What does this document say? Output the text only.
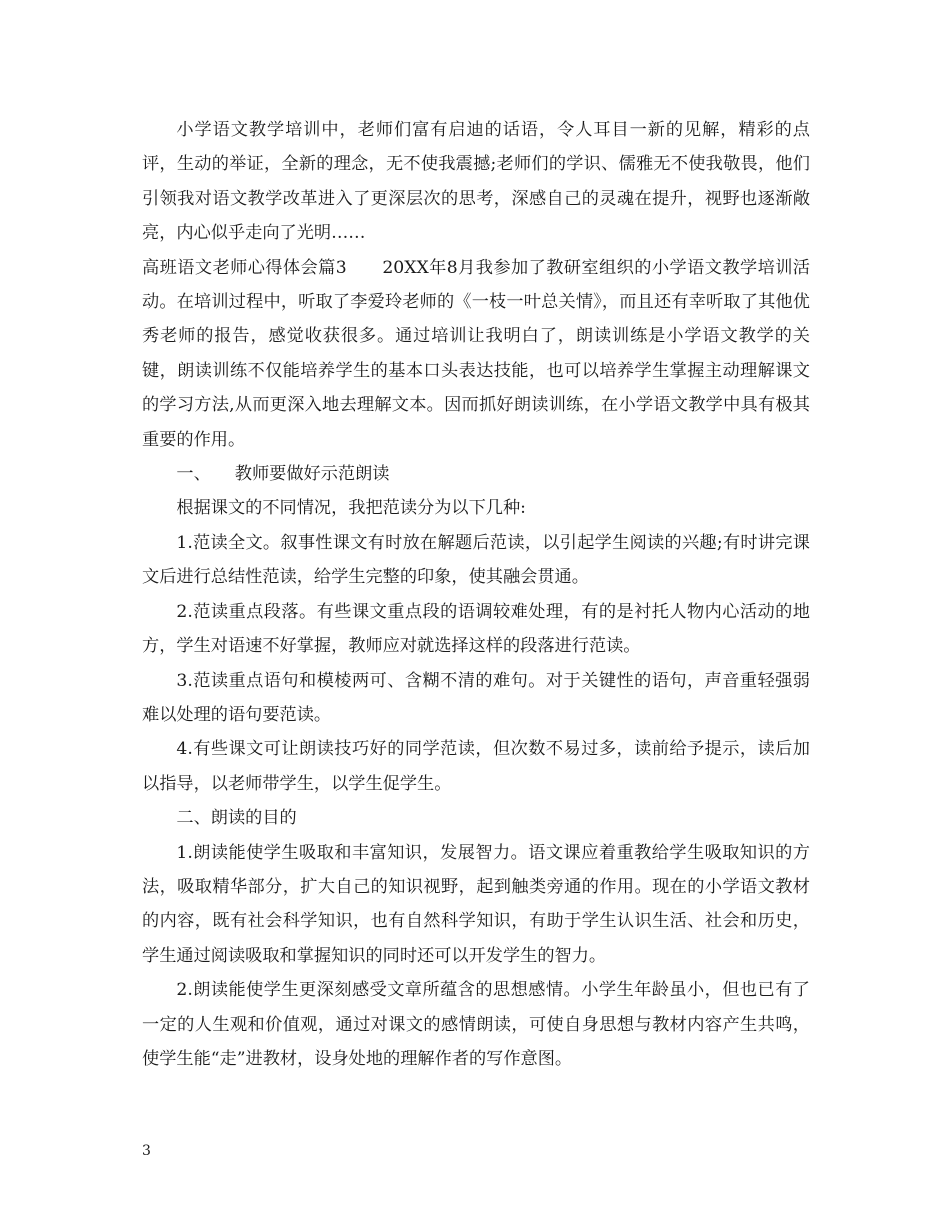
小学语文教学培训中，老师们富有启迪的话语，令人耳目一新的见解，精彩的点评，生动的举证，全新的理念，无不使我震撼;老师们的学识、儒雅无不使我敬畏，他们引领我对语文教学改革进入了更深层次的思考，深感自己的灵魂在提升，视野也逐渐敞亮，内心似乎走向了光明……

高班语文老师心得体会篇3　　20XX年8月我参加了教研室组织的小学语文教学培训活动。在培训过程中，听取了李爱玲老师的《一枝一叶总关情》，而且还有幸听取了其他优秀老师的报告，感觉收获很多。通过培训让我明白了，朗读训练是小学语文教学的关键，朗读训练不仅能培养学生的基本口头表达技能，也可以培养学生掌握主动理解课文的学习方法,从而更深入地去理解文本。因而抓好朗读训练，在小学语文教学中具有极其重要的作用。

一、 教师要做好示范朗读

根据课文的不同情况，我把范读分为以下几种:

1.范读全文。叙事性课文有时放在解题后范读，以引起学生阅读的兴趣;有时讲完课文后进行总结性范读，给学生完整的印象，使其融会贯通。

2.范读重点段落。有些课文重点段的语调较难处理，有的是衬托人物内心活动的地方，学生对语速不好掌握，教师应对就选择这样的段落进行范读。

3.范读重点语句和模棱两可、含糊不清的难句。对于关键性的语句，声音重轻强弱难以处理的语句要范读。

4.有些课文可让朗读技巧好的同学范读，但次数不易过多，读前给予提示，读后加以指导，以老师带学生，以学生促学生。

二、朗读的目的

1.朗读能使学生吸取和丰富知识，发展智力。语文课应着重教给学生吸取知识的方法，吸取精华部分，扩大自己的知识视野，起到触类旁通的作用。现在的小学语文教材的内容，既有社会科学知识，也有自然科学知识，有助于学生认识生活、社会和历史，学生通过阅读吸取和掌握知识的同时还可以开发学生的智力。

2.朗读能使学生更深刻感受文章所蕴含的思想感情。小学生年龄虽小，但也已有了一定的人生观和价值观，通过对课文的感情朗读，可使自身思想与教材内容产生共鸣，使学生能“走”进教材，设身处地的理解作者的写作意图。

3
